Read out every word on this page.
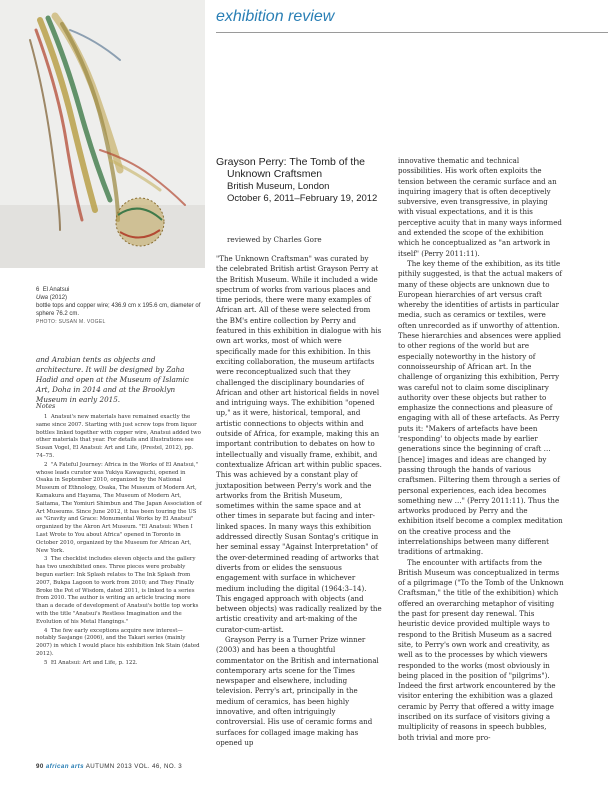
exhibition review
6 El Anatsui
Uwa (2012)
bottle tops and copper wire; 436.9 cm x 195.6 cm, diameter of sphere 76.2 cm.
PHOTO: SUSAN M. VOGEL
and Arabian tents as objects and architecture. It will be designed by Zaha Hadid and open at the Museum of Islamic Art, Doha in 2014 and at the Brooklyn Museum in early 2015.
Notes

1 Anatsui's new materials have remained exactly the same since 2007. Starting with just screw tops from liquor bottles linked together with copper wire, Anatsui added two other materials that year. For details and illustrations see Susan Vogel, El Anatsui: Art and Life, (Prestel, 2012), pp. 74–75.

2 "A Fateful Journey: Africa in the Works of El Anatsui," whose leads curator was Yukiya Kawaguchi, opened in Osaka in September 2010, organized by the National Museum of Ethnology, Osaka, The Museum of Modern Art, Kamakura and Hayama, The Museum of Modern Art, Saitama, The Yomiuri Shimbun and The Japan Association of Art Museums. Since June 2012, it has been touring the US as "Gravity and Grace: Monumental Works by El Anatsui" organized by the Akron Art Museum. "El Anatsui: When I Last Wrote to You about Africa" opened in Toronto in October 2010, organized by the Museum for African Art, New York.

3 The checklist includes eleven objects and the gallery has two unexhibited ones. Three pieces were probably begun earlier: Ink Splash relates to The Ink Splash from 2007, Bukpa Lagoon to work from 2010; and They Finally Broke the Pot of Wisdom, dated 2011, is linked to a series from 2010. The author is writing an article tracing more than a decade of development of Anatsui's bottle top works with the title "Anatsui's Restless Imagination and the Evolution of his Metal Hangings."

4 The few early exceptions acquire new interest—notably Sasjange (2006), and the Takari series (mainly 2007) in which I would place his exhibition Ink Stain (dated 2012).

5 El Anatsui: Art and Life, p. 122.

Grayson Perry: The Tomb of the
Unknown Craftsmen
British Museum, London
October 6, 2011–February 19, 2012
reviewed by Charles Gore

"The Unknown Craftsman" was curated by the celebrated British artist Grayson Perry at the British Museum. While it included a wide spectrum of works from various places and time periods, there were many examples of African art. All of these were selected from the BM's entire collection by Perry and featured in this exhibition in dialogue with his own art works, most of which were specifically made for this exhibition. In this exciting collaboration, the museum artifacts were reconceptualized such that they challenged the disciplinary boundaries of African and other art historical fields in novel and intriguing ways. The exhibition "opened up," as it were, historical, temporal, and artistic connections to objects within and outside of Africa, for example, making this an important contribution to debates on how to intellectually and visually frame, exhibit, and contextualize African art within public spaces. This was achieved by a constant play of juxtaposition between Perry's work and the artworks from the British Museum, sometimes within the same space and at other times in separate but facing and inter-linked spaces. In many ways this exhibition addressed directly Susan Sontag's critique in her seminal essay "Against Interpretation" of the over-determined reading of artworks that diverts from or elides the sensuous engagement with surface in whichever medium including the digital (1964:3–14). This engaged approach with objects (and between objects) was radically realized by the artistic creativity and art-making of the curator-cum-artist.

Grayson Perry is a Turner Prize winner (2003) and has been a thoughtful commentator on the British and international contemporary arts scene for the Times newspaper and elsewhere, including television. Perry's art, principally in the medium of ceramics, has been highly innovative, and often intriguingly controversial. His use of ceramic forms and surfaces for collaged image making has opened up

innovative thematic and technical possibilities. His work often exploits the tension between the ceramic surface and an inquiring imagery that is often deceptively subversive, even transgressive, in playing with visual expectations, and it is this perceptive acuity that in many ways informed and extended the scope of the exhibition which he conceptualized as "an artwork in itself" (Perry 2011:11).

The key theme of the exhibition, as its title pithily suggested, is that the actual makers of many of these objects are unknown due to European hierarchies of art versus craft whereby the identities of artists in particular media, such as ceramics or textiles, were often unrecorded as if unworthy of attention. These hierarchies and absences were applied to other regions of the world but are especially noteworthy in the history of connoisseurship of African art. In the challenge of organizing this exhibition, Perry was careful not to claim some disciplinary authority over these objects but rather to emphasize the connections and pleasure of engaging with all of these artefacts. As Perry puts it: "Makers of artefacts have been 'responding' to objects made by earlier generations since the beginning of craft … [hence] images and ideas are changed by passing through the hands of various craftsmen. Filtering them through a series of personal experiences, each idea becomes something new …" (Perry 2011:11). Thus the artworks produced by Perry and the exhibition itself become a complex meditation on the creative process and the interrelationships between many different traditions of artmaking.

The encounter with artifacts from the British Museum was conceptualized in terms of a pilgrimage ("To the Tomb of the Unknown Craftsman," the title of the exhibition) which offered an overarching metaphor of visiting the past for present day renewal. This heuristic device provided multiple ways to respond to the British Museum as a sacred site, to Perry's own work and creativity, as well as to the processes by which viewers responded to the works (most obviously in being placed in the position of "pilgrims"). Indeed the first artwork encountered by the visitor entering the exhibition was a glazed ceramic by Perry that offered a witty image inscribed on its surface of visitors giving a multiplicity of reasons in speech bubbles, both trivial and more pro-

90 african arts AUTUMN 2013 VOL. 46, NO. 3
